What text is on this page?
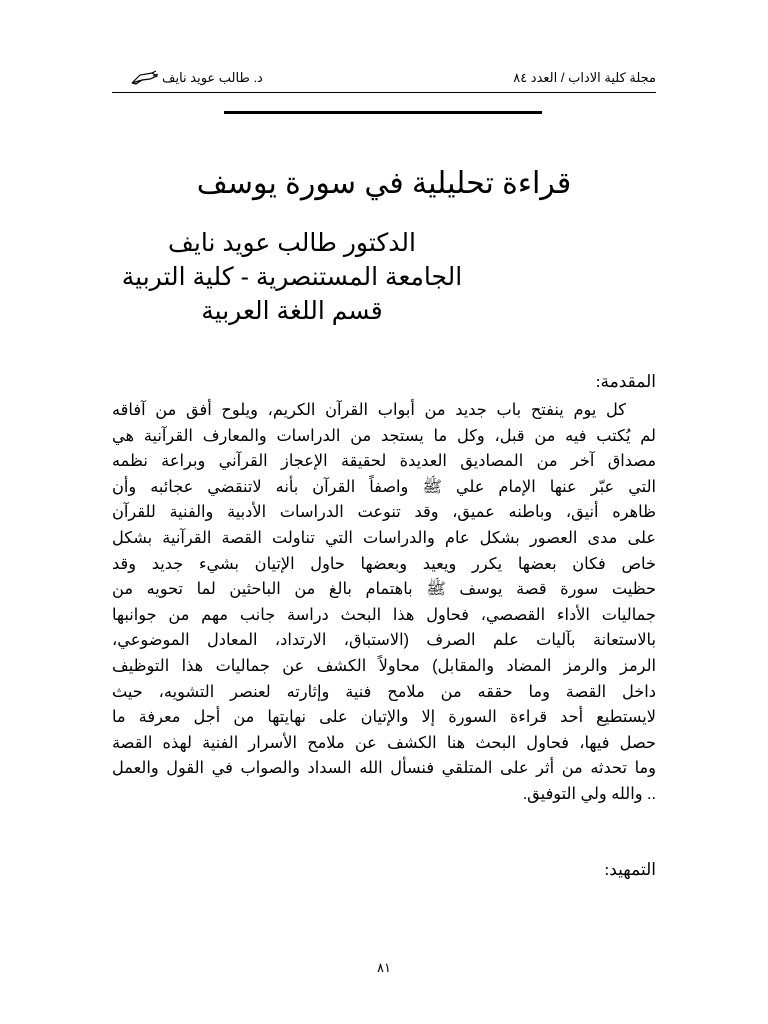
مجلة كلية الاداب / العدد ٨٤
د. طالب عويد نايف
قراءة تحليلية في سورة يوسف
الدكتور طالب عويد نايف
الجامعة المستنصرية - كلية التربية
قسم اللغة العربية
المقدمة:
كل يوم ينفتح باب جديد من أبواب القرآن الكريم، ويلوح أفق من آفاقه
لم يُكتب فيه من قبل، وكل ما يستجد من الدراسات والمعارف القرآنية هي
مصداق آخر من المصاديق العديدة لحقيقة الإعجاز القرآني وبراعة نظمه
التي عبّر عنها الإمام علي ﷺ واصفاً القرآن بأنه لاتنقضي عجائبه وأن
ظاهره أنيق، وباطنه عميق، وقد تنوعت الدراسات الأدبية والفنية للقرآن
على مدى العصور بشكل عام والدراسات التي تناولت القصة القرآنية بشكل
خاص فكان بعضها يكرر ويعيد وبعضها حاول الإتيان بشيء جديد وقد
حظيت سورة قصة يوسف ﷺ باهتمام بالغ من الباحثين لما تحويه من
جماليات الأداء القصصي، فحاول هذا البحث دراسة جانب مهم من جوانبها
بالاستعانة بآليات علم الصرف (الاستباق، الارتداد، المعادل الموضوعي،
الرمز والرمز المضاد والمقابل) محاولاً الكشف عن جماليات هذا التوظيف
داخل القصة وما حققه من ملامح فنية وإثارته لعنصر التشويه، حيث
لايستطيع أحد قراءة السورة إلا والإتيان على نهايتها من أجل معرفة ما
حصل فيها، فحاول البحث هنا الكشف عن ملامح الأسرار الفنية لهذه القصة
وما تحدثه من أثر على المتلقي فنسأل الله السداد والصواب في القول والعمل
.. والله ولي التوفيق.
التمهيد:
٨١
